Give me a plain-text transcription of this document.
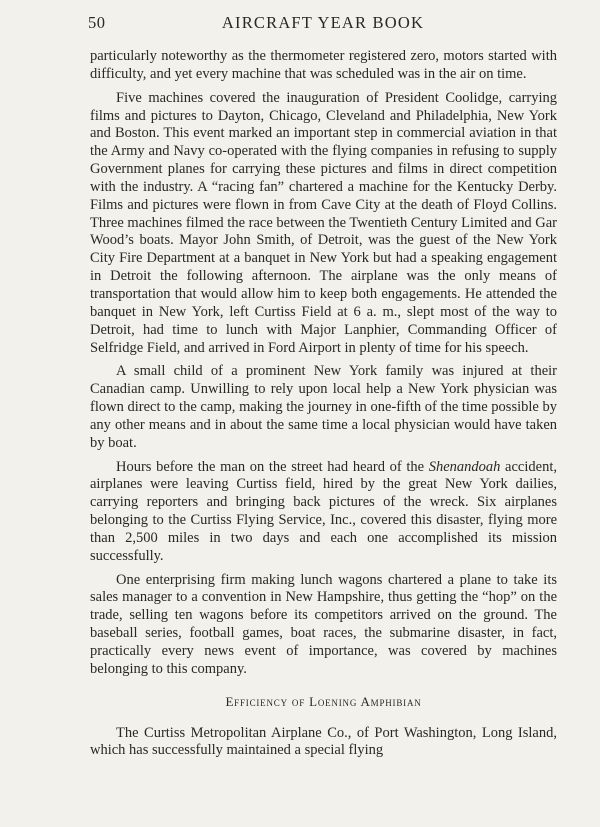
50	AIRCRAFT YEAR BOOK

particularly noteworthy as the thermometer registered zero, motors started with difficulty, and yet every machine that was scheduled was in the air on time.

Five machines covered the inauguration of President Coolidge, carrying films and pictures to Dayton, Chicago, Cleveland and Philadelphia, New York and Boston. This event marked an important step in commercial aviation in that the Army and Navy co-operated with the flying companies in refusing to supply Government planes for carrying these pictures and films in direct competition with the industry. A “racing fan” chartered a machine for the Kentucky Derby. Films and pictures were flown in from Cave City at the death of Floyd Collins. Three machines filmed the race between the Twentieth Century Limited and Gar Wood’s boats. Mayor John Smith, of Detroit, was the guest of the New York City Fire Department at a banquet in New York but had a speaking engagement in Detroit the following afternoon. The airplane was the only means of transportation that would allow him to keep both engagements. He attended the banquet in New York, left Curtiss Field at 6 a. m., slept most of the way to Detroit, had time to lunch with Major Lanphier, Commanding Officer of Selfridge Field, and arrived in Ford Airport in plenty of time for his speech.

A small child of a prominent New York family was injured at their Canadian camp. Unwilling to rely upon local help a New York physician was flown direct to the camp, making the journey in one-fifth of the time possible by any other means and in about the same time a local physician would have taken by boat.

Hours before the man on the street had heard of the Shenandoah accident, airplanes were leaving Curtiss field, hired by the great New York dailies, carrying reporters and bringing back pictures of the wreck. Six airplanes belonging to the Curtiss Flying Service, Inc., covered this disaster, flying more than 2,500 miles in two days and each one accomplished its mission successfully.

One enterprising firm making lunch wagons chartered a plane to take its sales manager to a convention in New Hampshire, thus getting the “hop” on the trade, selling ten wagons before its competitors arrived on the ground. The baseball series, football games, boat races, the submarine disaster, in fact, practically every news event of importance, was covered by machines belonging to this company.

Efficiency of Loening Amphibian

The Curtiss Metropolitan Airplane Co., of Port Washington, Long Island, which has successfully maintained a special flying
